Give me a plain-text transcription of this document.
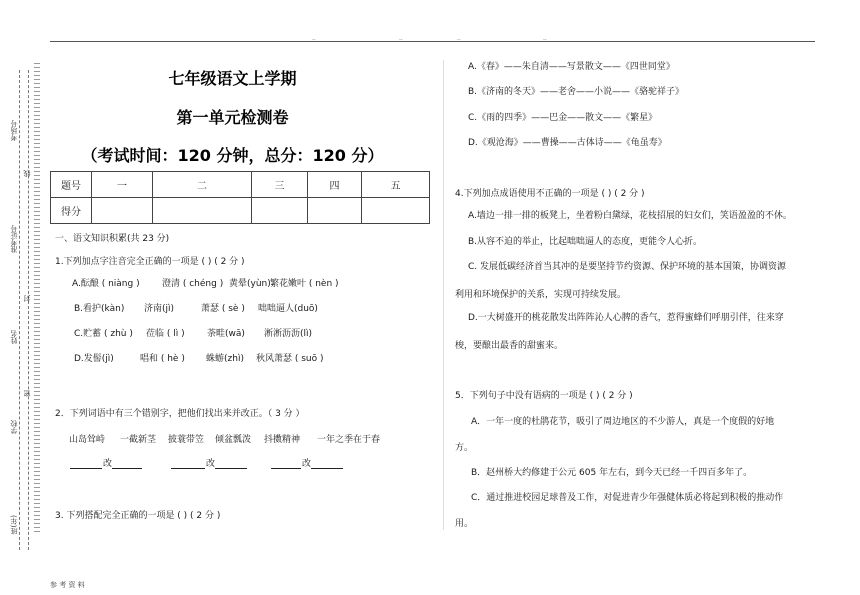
..	..	..	..
考场号
线
准考证号
封
姓名
密
学校
班(年)
七年级语文上学期
第一单元检测卷
（考试时间：120 分钟，总分：120 分）
题号	一	二	三	四	五
得分					
一、语文知识积累(共 23 分)
1.下列加点字注音完全正确的一项是 ( ) ( 2 分 )
A.酝酿 ( niàng ) 澄清 ( chéng ) 黄晕(yùn) 繁花嫩叶 ( nèn )
B.看护(kàn) 济南(jì)	萧瑟 ( sè ) 咄咄逼人(duō)
C.贮蓄 ( zhù ) 莅临 ( lì ) 荼畦(wā) 淅淅沥沥(lì)
D.发髻(jì)	唱和 ( hè ) 蛛蝣(zhì) 秋风萧瑟 ( suō )
2．下列词语中有三个错别字，把他们找出来并改正。（ 3 分 ）
山岛耸峙 一截新茎 披蓑带笠 倾盆瓢泼 抖擞精神 一年之季在于春
改	改	改
3. 下列搭配完全正确的一项是 ( ) ( 2 分 )
A.《春》——朱自清——写景散文——《四世同堂》
B.《济南的冬天》——老舍——小说——《骆驼祥子》
C.《雨的四季》——巴金——散文——《繁星》
D.《观沧海》——曹操——古体诗——《龟虽寿》
4.下列加点成语使用不正确的一项是 ( ) ( 2 分 )
A.墙边一排一排的板凳上，坐着粉白黛绿，花枝招展的妇女们，笑语盈盈的不休。
B.从容不迫的举止，比起咄咄逼人的态度，更能令人心折。
C. 发展低碳经济首当其冲的是要坚持节约资源、保护环境的基本国策，协调资源
利用和环境保护的关系，实现可持续发展。
D.一大树盛开的桃花散发出阵阵沁人心脾的香气，惹得蜜蜂们呼朋引伴，往来穿
梭，要酿出最香的甜蜜来。
5．下列句子中没有语病的一项是 ( ) ( 2 分 )
A．一年一度的杜鹃花节，吸引了周边地区的不少游人，真是一个度假的好地
方。
B．赵州桥大约修建于公元 605 年左右，到今天已经一千四百多年了。
C．通过推进校园足球普及工作，对促进青少年强健体质必将起到积极的推动作
用。
参 考 资 料
